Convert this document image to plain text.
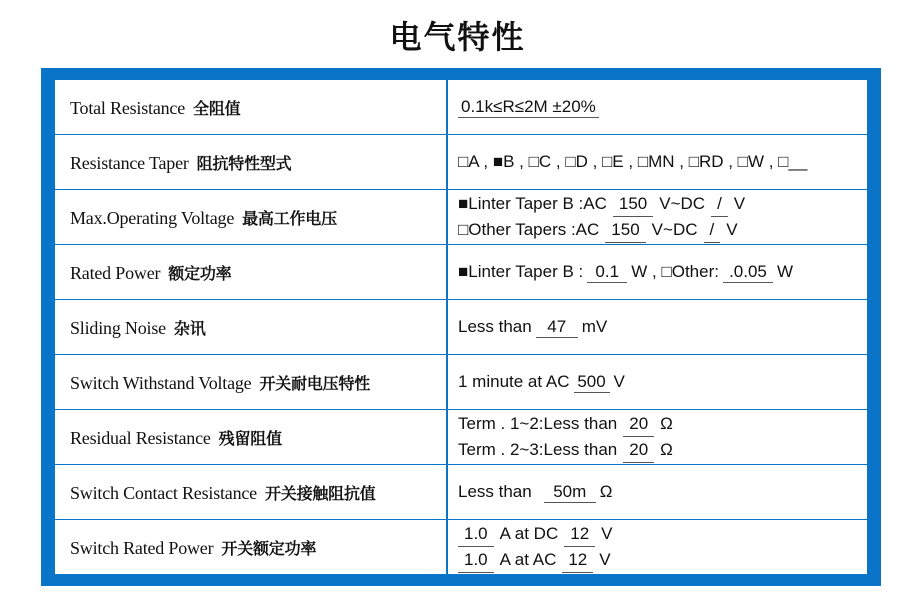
电气特性
Total Resistance 全阻值	0.1k≤R≤2M ±20%
Resistance Taper 阻抗特性型式	□A , ■B , □C , □D , □E , □MN , □RD , □W , □__
Max.Operating Voltage 最高工作电压	■Linter Taper B :AC 150 V~DC / V
□Other Tapers :AC 150 V~DC / V

Rated Power 额定功率	■Linter Taper B : 0.1 W , □Other: .0.05 W
Sliding Noise 杂讯	Less than 47 mV
Switch Withstand Voltage 开关耐电压特性	1 minute at AC 500 V
Residual Resistance 残留阻值	Term . 1~2:Less than 20 Ω
Term . 2~3:Less than 20 Ω

Switch Contact Resistance 开关接触阻抗值	Less than 50m Ω
Switch Rated Power 开关额定功率	1.0 A at DC 12 V
1.0 A at AC 12 V
